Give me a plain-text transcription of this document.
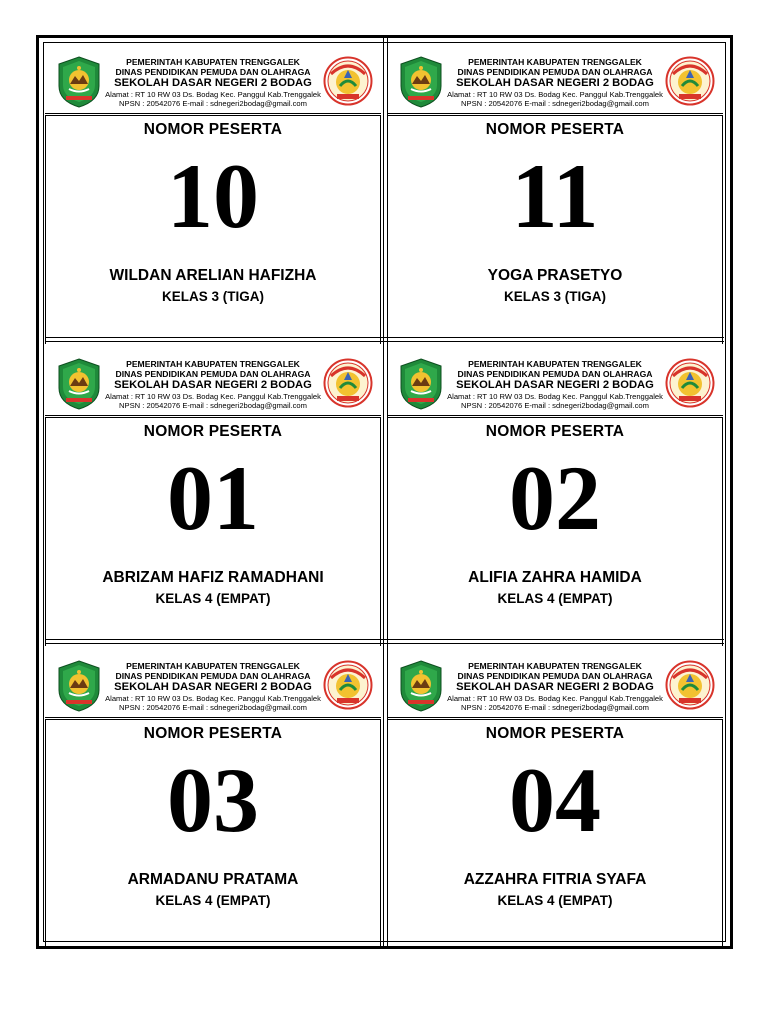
PEMERINTAH KABUPATEN TRENGGALEK
DINAS PENDIDIKAN PEMUDA DAN OLAHRAGA
SEKOLAH DASAR NEGERI 2 BODAG
Alamat : RT 10 RW 03 Ds. Bodag Kec. Panggul Kab.Trenggalek
NPSN : 20542076 E-mail : sdnegeri2bodag@gmail.com
NOMOR PESERTA
10
WILDAN ARELIAN HAFIZHA
KELAS 3 (TIGA)
PEMERINTAH KABUPATEN TRENGGALEK
DINAS PENDIDIKAN PEMUDA DAN OLAHRAGA
SEKOLAH DASAR NEGERI 2 BODAG
Alamat : RT 10 RW 03 Ds. Bodag Kec. Panggul Kab.Trenggalek
NPSN : 20542076 E-mail : sdnegeri2bodag@gmail.com
NOMOR PESERTA
11
YOGA PRASETYO
KELAS 3 (TIGA)
PEMERINTAH KABUPATEN TRENGGALEK
DINAS PENDIDIKAN PEMUDA DAN OLAHRAGA
SEKOLAH DASAR NEGERI 2 BODAG
Alamat : RT 10 RW 03 Ds. Bodag Kec. Panggul Kab.Trenggalek
NPSN : 20542076 E-mail : sdnegeri2bodag@gmail.com
NOMOR PESERTA
01
ABRIZAM HAFIZ RAMADHANI
KELAS 4 (EMPAT)
PEMERINTAH KABUPATEN TRENGGALEK
DINAS PENDIDIKAN PEMUDA DAN OLAHRAGA
SEKOLAH DASAR NEGERI 2 BODAG
Alamat : RT 10 RW 03 Ds. Bodag Kec. Panggul Kab.Trenggalek
NPSN : 20542076 E-mail : sdnegeri2bodag@gmail.com
NOMOR PESERTA
02
ALIFIA ZAHRA HAMIDA
KELAS 4 (EMPAT)
PEMERINTAH KABUPATEN TRENGGALEK
DINAS PENDIDIKAN PEMUDA DAN OLAHRAGA
SEKOLAH DASAR NEGERI 2 BODAG
Alamat : RT 10 RW 03 Ds. Bodag Kec. Panggul Kab.Trenggalek
NPSN : 20542076 E-mail : sdnegeri2bodag@gmail.com
NOMOR PESERTA
03
ARMADANU PRATAMA
KELAS 4 (EMPAT)
PEMERINTAH KABUPATEN TRENGGALEK
DINAS PENDIDIKAN PEMUDA DAN OLAHRAGA
SEKOLAH DASAR NEGERI 2 BODAG
Alamat : RT 10 RW 03 Ds. Bodag Kec. Panggul Kab.Trenggalek
NPSN : 20542076 E-mail : sdnegeri2bodag@gmail.com
NOMOR PESERTA
04
AZZAHRA FITRIA SYAFA
KELAS 4 (EMPAT)
